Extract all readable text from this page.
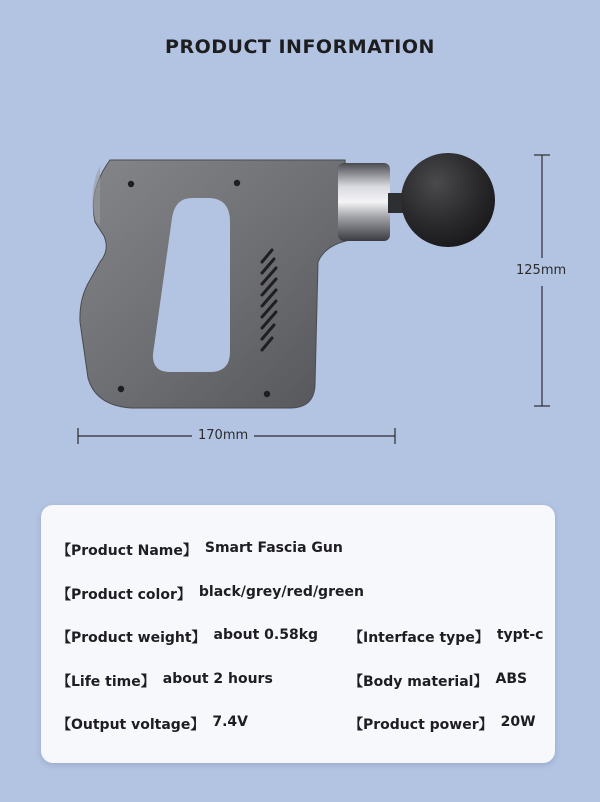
PRODUCT INFORMATION
170mm
125mm
【Product Name】 Smart Fascia Gun
【Product color】 black/grey/red/green
【Product weight】 about 0.58kg 【Interface type】 typt-c
【Life time】 about 2 hours	【Body material】 ABS
【Output voltage】 7.4V	【Product power】 20W
